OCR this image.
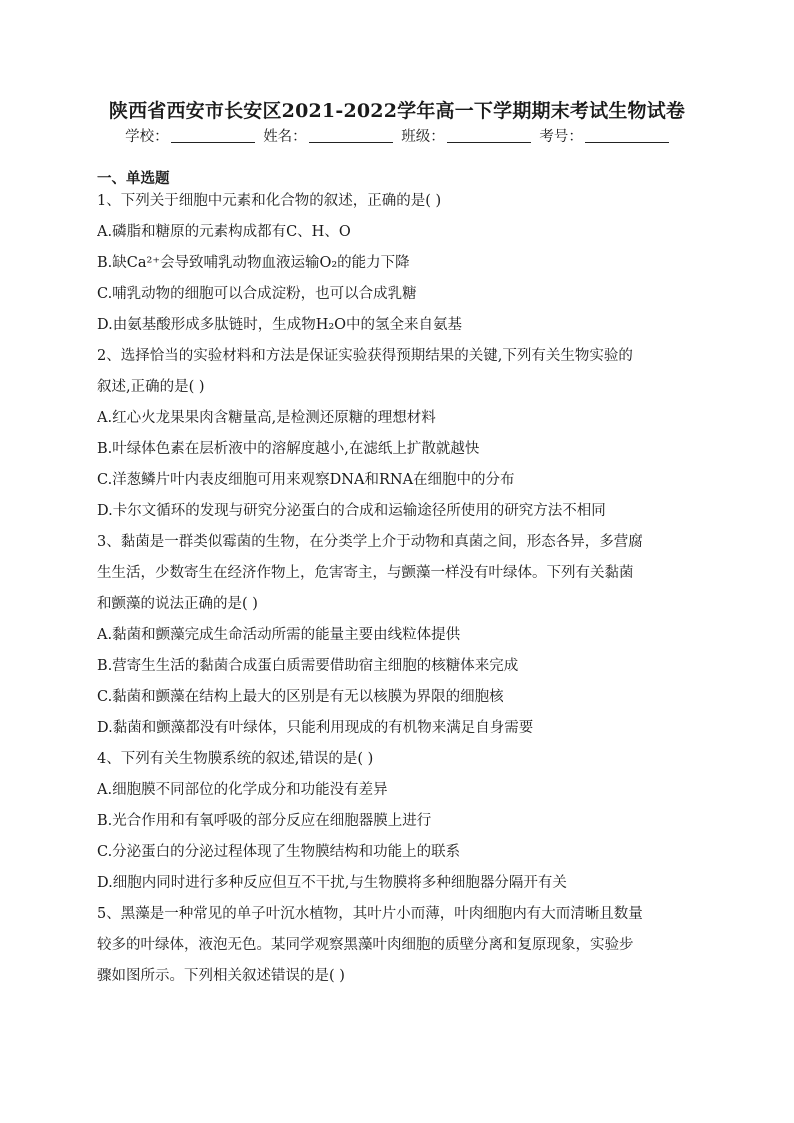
陕西省西安市长安区2021-2022学年高一下学期期末考试生物试卷
学校：	姓名：	班级：	考号：
一、单选题
1、下列关于细胞中元素和化合物的叙述，正确的是( )
A.磷脂和糖原的元素构成都有C、H、O
B.缺Ca²⁺会导致哺乳动物血液运输O₂的能力下降
C.哺乳动物的细胞可以合成淀粉，也可以合成乳糖
D.由氨基酸形成多肽链时，生成物H₂O中的氢全来自氨基
2、选择恰当的实验材料和方法是保证实验获得预期结果的关键,下列有关生物实验的
叙述,正确的是( )
A.红心火龙果果肉含糖量高,是检测还原糖的理想材料
B.叶绿体色素在层析液中的溶解度越小,在滤纸上扩散就越快
C.洋葱鳞片叶内表皮细胞可用来观察DNA和RNA在细胞中的分布
D.卡尔文循环的发现与研究分泌蛋白的合成和运输途径所使用的研究方法不相同
3、黏菌是一群类似霉菌的生物，在分类学上介于动物和真菌之间，形态各异，多营腐
生生活，少数寄生在经济作物上，危害寄主，与颤藻一样没有叶绿体。下列有关黏菌
和颤藻的说法正确的是( )
A.黏菌和颤藻完成生命活动所需的能量主要由线粒体提供
B.营寄生生活的黏菌合成蛋白质需要借助宿主细胞的核糖体来完成
C.黏菌和颤藻在结构上最大的区别是有无以核膜为界限的细胞核
D.黏菌和颤藻都没有叶绿体，只能利用现成的有机物来满足自身需要
4、下列有关生物膜系统的叙述,错误的是( )
A.细胞膜不同部位的化学成分和功能没有差异
B.光合作用和有氧呼吸的部分反应在细胞器膜上进行
C.分泌蛋白的分泌过程体现了生物膜结构和功能上的联系
D.细胞内同时进行多种反应但互不干扰,与生物膜将多种细胞器分隔开有关
5、黑藻是一种常见的单子叶沉水植物，其叶片小而薄，叶肉细胞内有大而清晰且数量
较多的叶绿体，液泡无色。某同学观察黑藻叶肉细胞的质壁分离和复原现象，实验步
骤如图所示。下列相关叙述错误的是( )
